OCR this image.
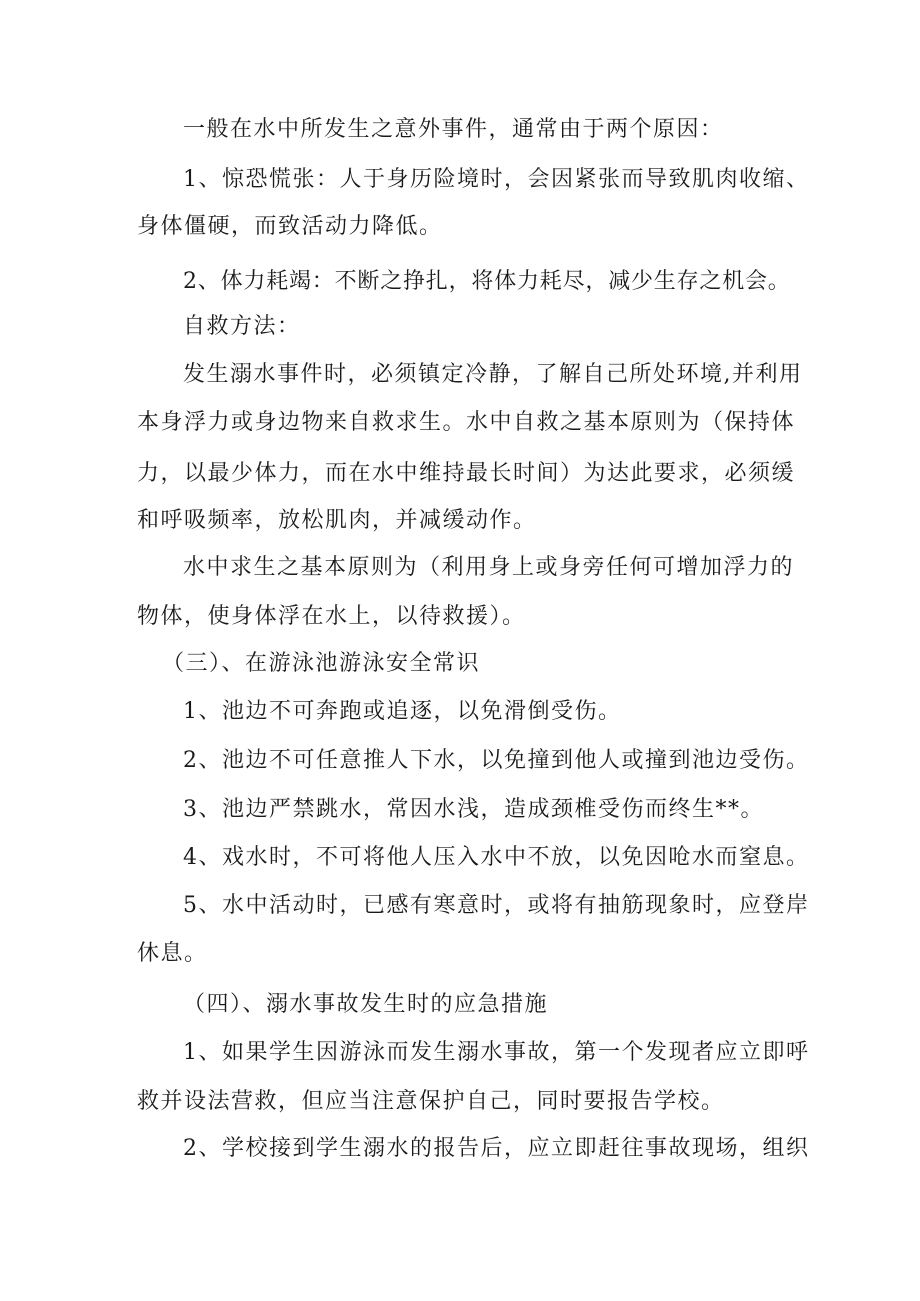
一般在水中所发生之意外事件，通常由于两个原因：

1、惊恐慌张：人于身历险境时，会因紧张而导致肌肉收缩、

身体僵硬，而致活动力降低。

2、体力耗竭：不断之挣扎，将体力耗尽，减少生存之机会。

自救方法：

发生溺水事件时，必须镇定冷静，了解自己所处环境,并利用

本身浮力或身边物来自救求生。水中自救之基本原则为（保持体

力，以最少体力，而在水中维持最长时间）为达此要求，必须缓

和呼吸频率，放松肌肉，并减缓动作。

水中求生之基本原则为（利用身上或身旁任何可增加浮力的

物体，使身体浮在水上，以待救援）。

（三）、在游泳池游泳安全常识

1、池边不可奔跑或追逐，以免滑倒受伤。

2、池边不可任意推人下水，以免撞到他人或撞到池边受伤。

3、池边严禁跳水，常因水浅，造成颈椎受伤而终生**。

4、戏水时，不可将他人压入水中不放，以免因呛水而窒息。

5、水中活动时，已感有寒意时，或将有抽筋现象时，应登岸

休息。

（四）、溺水事故发生时的应急措施

1、如果学生因游泳而发生溺水事故，第一个发现者应立即呼

救并设法营救，但应当注意保护自己，同时要报告学校。

2、学校接到学生溺水的报告后，应立即赶往事故现场，组织
